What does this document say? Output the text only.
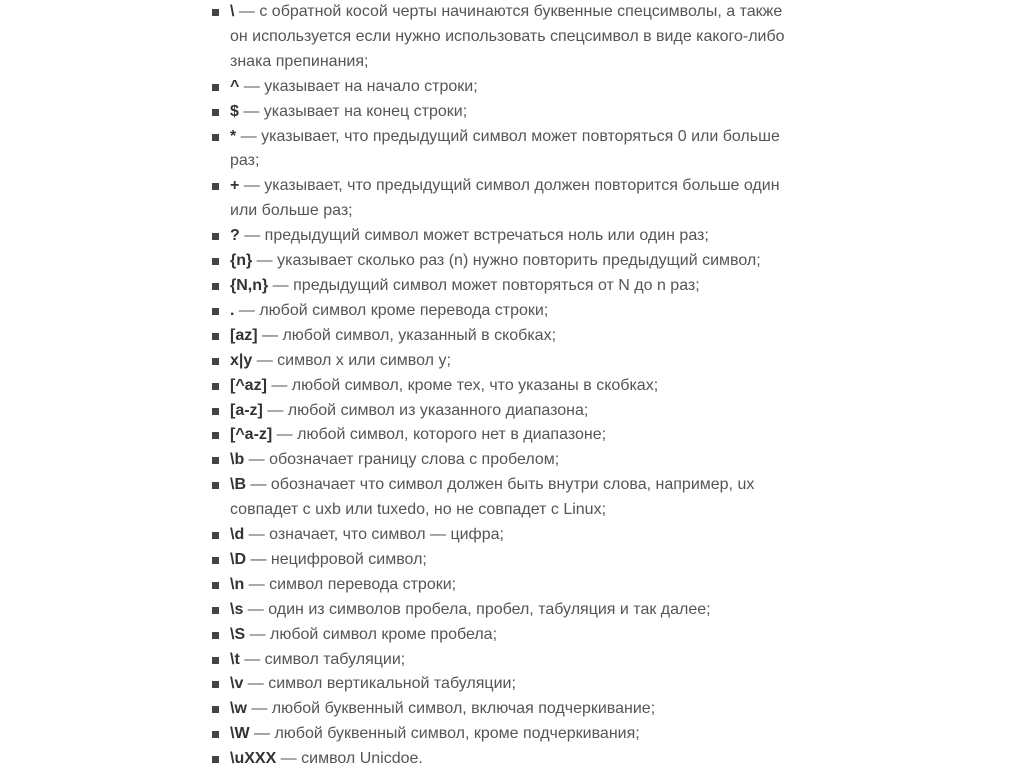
\ — с обратной косой черты начинаются буквенные спецсимволы, а также
он используется если нужно использовать спецсимвол в виде какого-либо
знака препинания;
^ — указывает на начало строки;
$ — указывает на конец строки;
* — указывает, что предыдущий символ может повторяться 0 или больше
раз;
+ — указывает, что предыдущий символ должен повторится больше один
или больше раз;
? — предыдущий символ может встречаться ноль или один раз;
{n} — указывает сколько раз (n) нужно повторить предыдущий символ;
{N,n} — предыдущий символ может повторяться от N до n раз;
. — любой символ кроме перевода строки;
[az] — любой символ, указанный в скобках;
x|y — символ x или символ y;
[^az] — любой символ, кроме тех, что указаны в скобках;
[a-z] — любой символ из указанного диапазона;
[^a-z] — любой символ, которого нет в диапазоне;
\b — обозначает границу слова с пробелом;
\B — обозначает что символ должен быть внутри слова, например, ux
совпадет с uxb или tuxedo, но не совпадет с Linux;
\d — означает, что символ — цифра;
\D — нецифровой символ;
\n — символ перевода строки;
\s — один из символов пробела, пробел, табуляция и так далее;
\S — любой символ кроме пробела;
\t — символ табуляции;
\v — символ вертикальной табуляции;
\w — любой буквенный символ, включая подчеркивание;
\W — любой буквенный символ, кроме подчеркивания;
\uXXX — символ Unicdoe.
